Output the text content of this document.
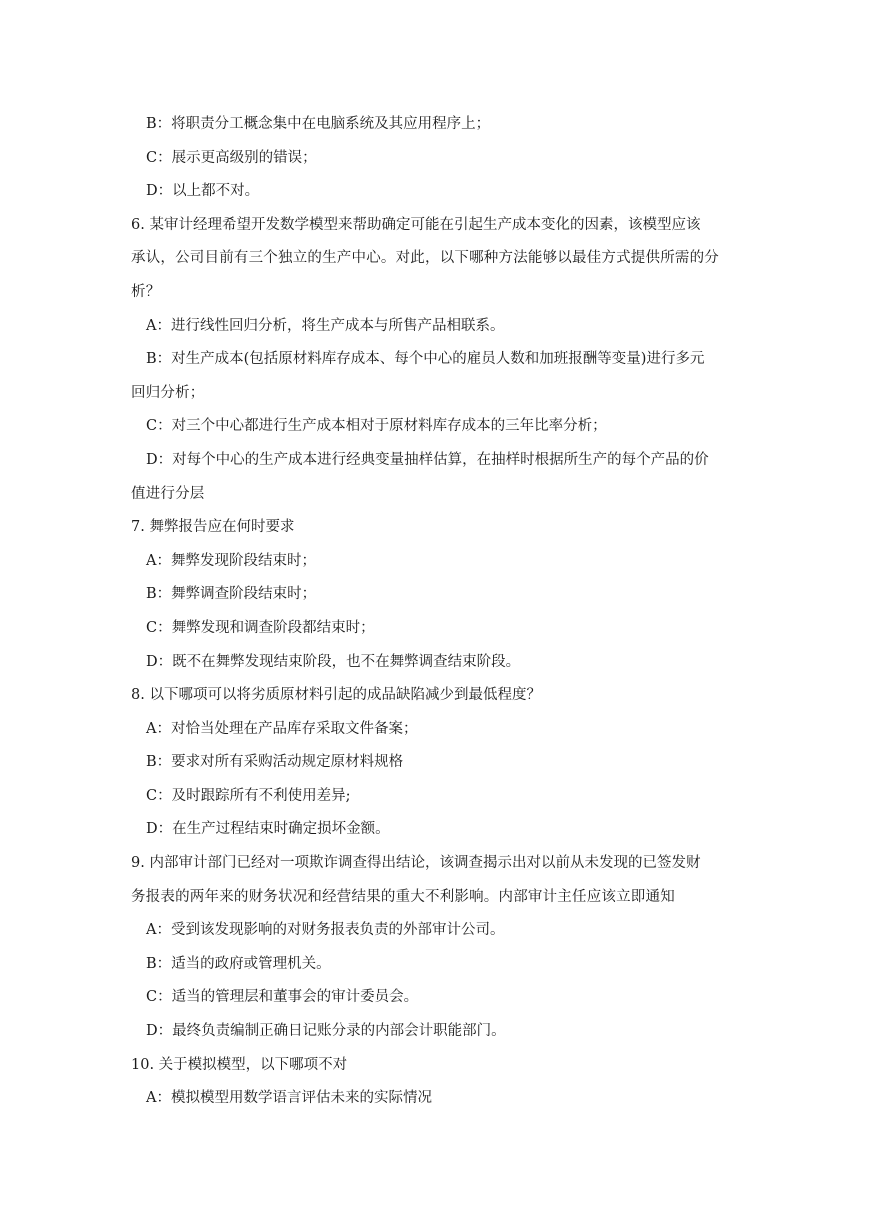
B：将职责分工概念集中在电脑系统及其应用程序上；

C：展示更高级别的错误；

D：以上都不对。

6. 某审计经理希望开发数学模型来帮助确定可能在引起生产成本变化的因素，该模型应该

承认，公司目前有三个独立的生产中心。对此，以下哪种方法能够以最佳方式提供所需的分

析？

A：进行线性回归分析，将生产成本与所售产品相联系。

B：对生产成本(包括原材料库存成本、每个中心的雇员人数和加班报酬等变量)进行多元

回归分析；

C：对三个中心都进行生产成本相对于原材料库存成本的三年比率分析；

D：对每个中心的生产成本进行经典变量抽样估算，在抽样时根据所生产的每个产品的价

值进行分层

7. 舞弊报告应在何时要求

A：舞弊发现阶段结束时；

B：舞弊调查阶段结束时；

C：舞弊发现和调查阶段都结束时；

D：既不在舞弊发现结束阶段，也不在舞弊调查结束阶段。

8. 以下哪项可以将劣质原材料引起的成品缺陷减少到最低程度？

A：对恰当处理在产品库存采取文件备案；

B：要求对所有采购活动规定原材料规格

C：及时跟踪所有不利使用差异;

D：在生产过程结束时确定损坏金额。

9. 内部审计部门已经对一项欺诈调查得出结论，该调查揭示出对以前从未发现的已签发财

务报表的两年来的财务状况和经营结果的重大不利影响。内部审计主任应该立即通知

A：受到该发现影响的对财务报表负责的外部审计公司。

B：适当的政府或管理机关。

C：适当的管理层和董事会的审计委员会。

D：最终负责编制正确日记账分录的内部会计职能部门。

10. 关于模拟模型，以下哪项不对

A：模拟模型用数学语言评估未来的实际情况
